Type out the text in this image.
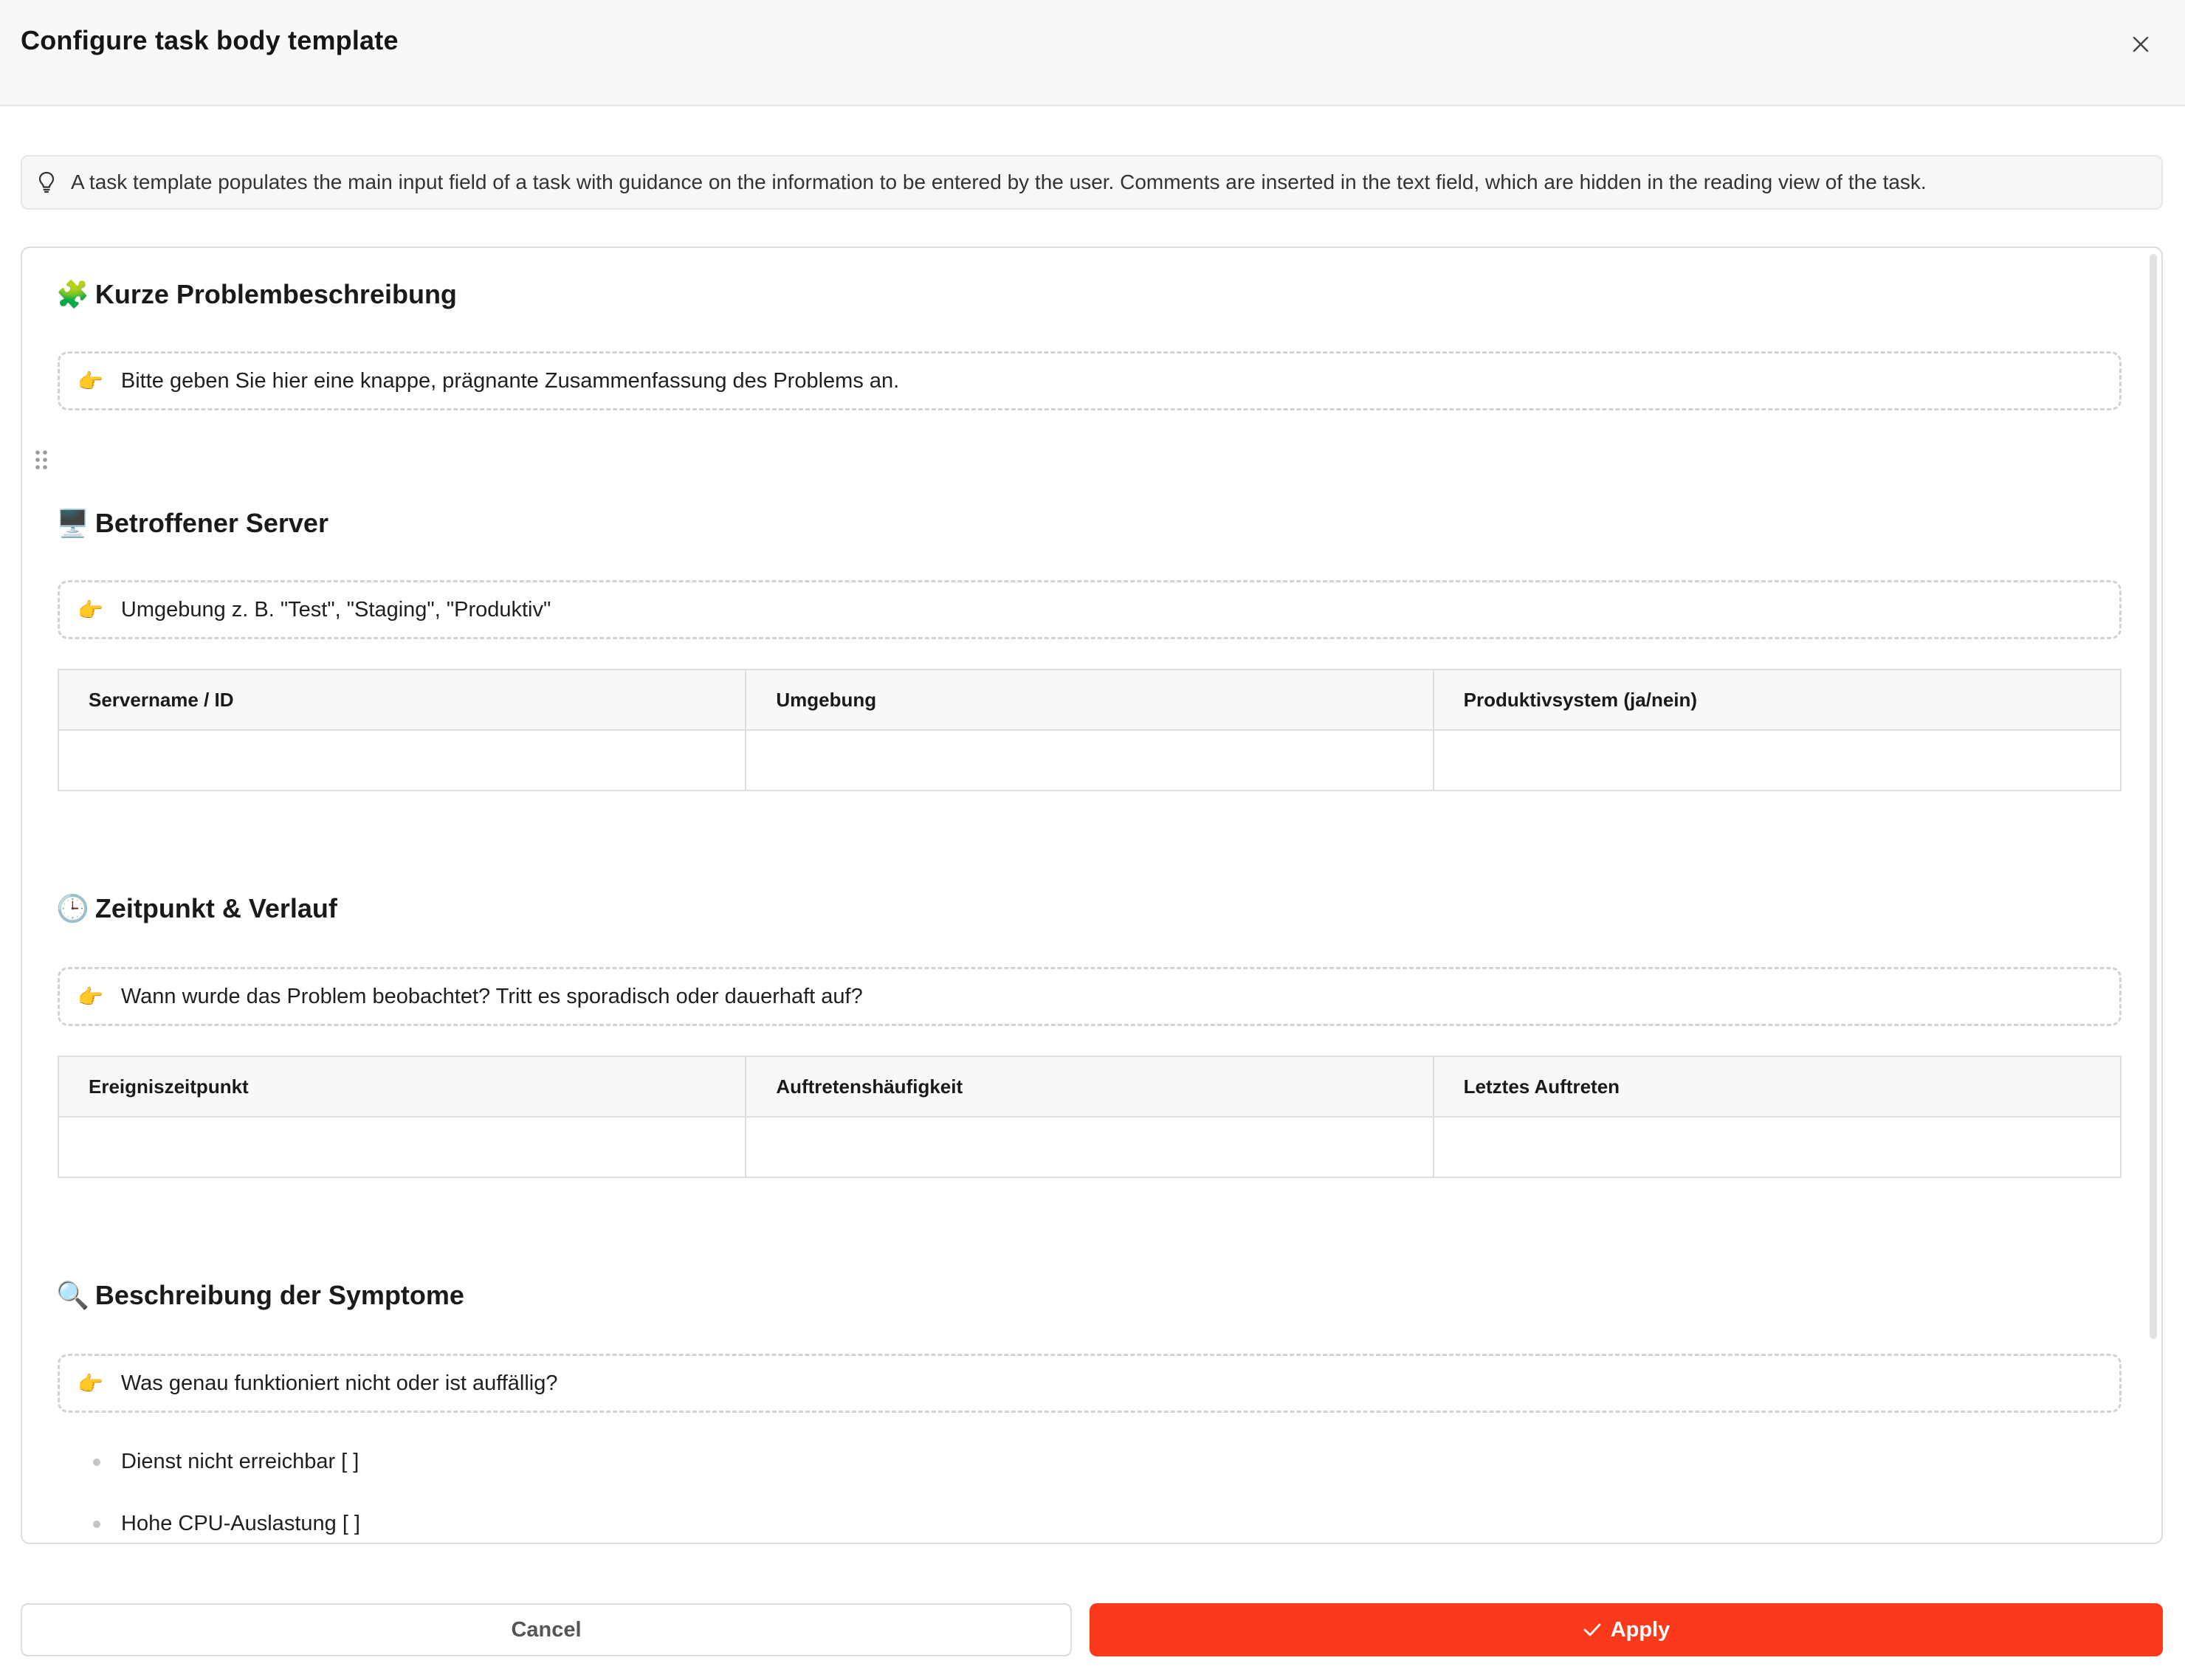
Configure task body template
A task template populates the main input field of a task with guidance on the information to be entered by the user. Comments are inserted in the text field, which are hidden in the reading view of the task.
🧩 Kurze Problembeschreibung
👉 Bitte geben Sie hier eine knappe, prägnante Zusammenfassung des Problems an.
🖥️ Betroffener Server
👉 Umgebung z. B. "Test", "Staging", "Produktiv"
Servername / ID	Umgebung	Produktivsystem (ja/nein)

🕒 Zeitpunkt & Verlauf
👉 Wann wurde das Problem beobachtet? Tritt es sporadisch oder dauerhaft auf?
Ereigniszeitpunkt	Auftretenshäufigkeit	Letztes Auftreten

🔍 Beschreibung der Symptome
👉 Was genau funktioniert nicht oder ist auffällig?
Dienst nicht erreichbar [ ]
Hohe CPU-Auslastung [ ]
Cancel	Apply
